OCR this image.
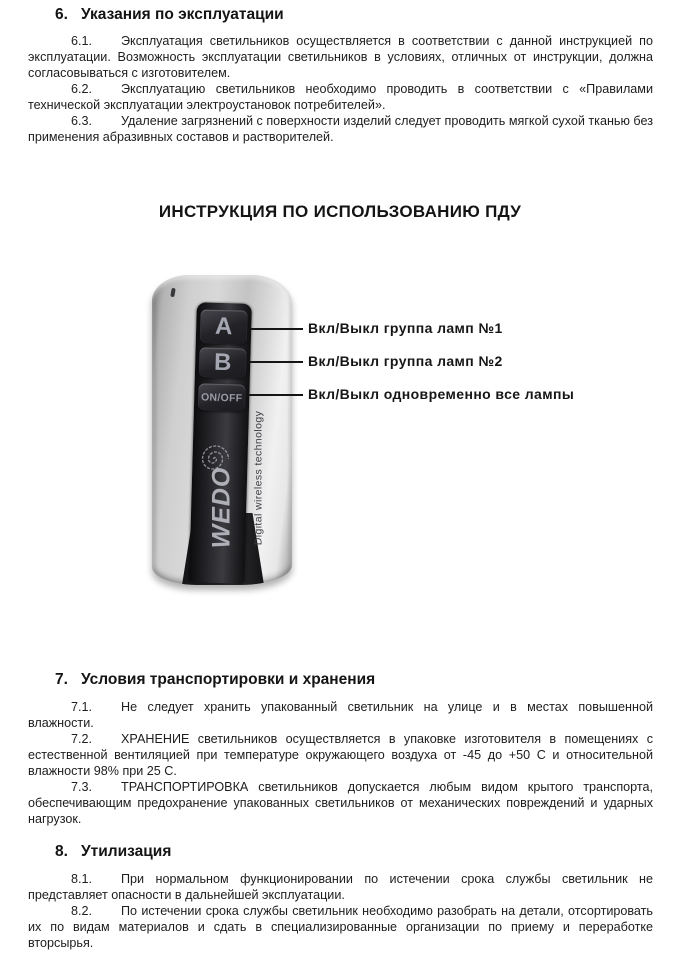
6. Указания по эксплуатации

6.1. Эксплуатация светильников осуществляется в соответствии с данной инструкцией по эксплуатации. Возможность эксплуатации светильников в условиях, отличных от инструкции, должна согласовываться с изготовителем.

6.2. Эксплуатацию светильников необходимо проводить в соответствии с «Правилами технической эксплуатации электроустановок потребителей».

6.3. Удаление загрязнений с поверхности изделий следует проводить мягкой сухой тканью без применения абразивных составов и растворителей.

ИНСТРУКЦИЯ ПО ИСПОЛЬЗОВАНИЮ ПДУ
A
B
ON/OFF
WEDO Digital wireless technology
Вкл/Выкл группа ламп №1
Вкл/Выкл группа ламп №2
Вкл/Выкл одновременно все лампы
7. Условия транспортировки и хранения

7.1. Не следует хранить упакованный светильник на улице и в местах повышенной влажности.

7.2. ХРАНЕНИЕ светильников осуществляется в упаковке изготовителя в помещениях с естественной вентиляцией при температуре окружающего воздуха от -45 до +50 С и относительной влажности 98% при 25 С.

7.3. ТРАНСПОРТИРОВКА светильников допускается любым видом крытого транспорта, обеспечивающим предохранение упакованных светильников от механических повреждений и ударных нагрузок.

8. Утилизация

8.1. При нормальном функционировании по истечении срока службы светильник не представляет опасности в дальнейшей эксплуатации.

8.2. По истечении срока службы светильник необходимо разобрать на детали, отсортировать их по видам материалов и сдать в специализированные организации по приему и переработке вторсырья.
